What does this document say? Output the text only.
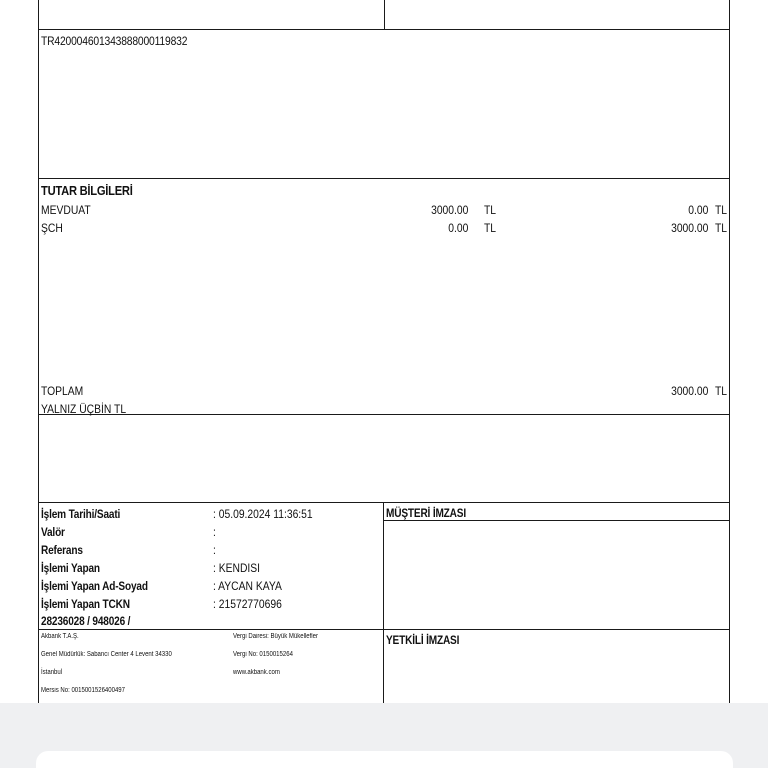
TR420004601343888000119832
TUTAR BİLGİLERİ
MEVDUAT	3000.00 TL	0.00 TL
ŞCH	0.00 TL	3000.00 TL
TOPLAM	3000.00 TL
YALNIZ ÜÇBİN TL
İşlem Tarihi/Saati	: 05.09.2024 11:36:51
Valör	:
Referans	:
İşlemi Yapan	: KENDISI
İşlemi Yapan Ad-Soyad	: AYCAN KAYA
İşlemi Yapan TCKN	: 21572770696
28236028 / 948026 /
MÜŞTERİ İMZASI
YETKİLİ İMZASI
Akbank T.A.Ş.
Genel Müdürlük: Sabancı Center 4 Levent 34330
İstanbul
Mersis No: 0015001526400497
Vergi Dairesi: Büyük Mükellefler
Vergi No: 0150015264
www.akbank.com
